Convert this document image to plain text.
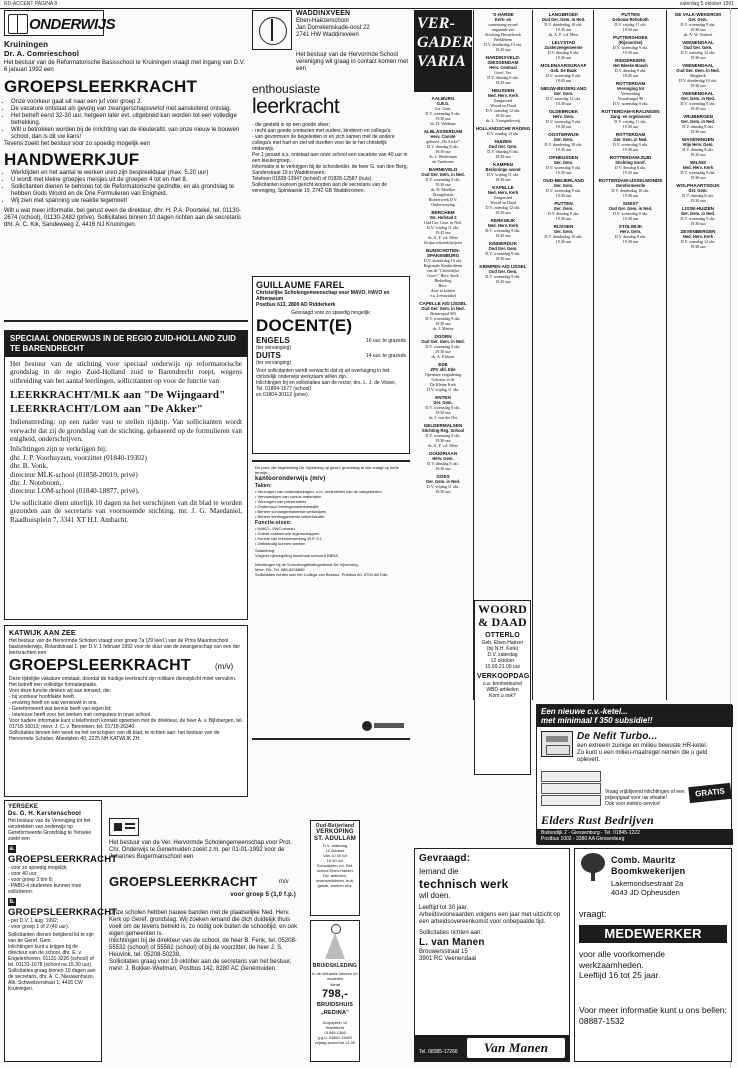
RD-ACCENT PAGINA 8	zaterdag 5 oktober 1991
ONDERWIJS
Kruiningen
Dr. A. Comrieschool
Het bestuur van de Reformatorische Basisschool te Kruiningen vraagt met ingang van D.V. 6 januari 1992 een
GROEPSLEERKRACHT
• Onze voorkeur gaat uit naar een juf voor groep 2.
• De vacature ontstaat als gevolg van zwangerschapsverlof met aansluitend ontslag.
• Het betreft eerst 32-30 uur, hetgeen later evt. uitgebreid kan worden tot een volledige betrekking.
• Wilt u betrokken worden bij de inrichting van de kleuterafd. van onze nieuw te bouwen school, dan is dit uw kans!
Tevens zoekt het bestuur voor zo spoedig mogelijk een
HANDWERKJUF
• Werktijden en het aantal te werken uren zijn bespreekbaar (max. 5,20 uur)
• U wordt met kleine groepjes meisjes uit de groepen 4 tot en met 8.
• Sollicitanten dienen te behoren tot de Reformatorische gezindte, en als grondslag te hebben Gods Woord en de Drie Formulieren van Enigheid.
• Wij zien met spanning uw reaktie tegemoet!
Wilt u wat meer informatie, bel gerust even de direkteur, dhr. H. P.A. Poorteké, tel. 01130-2674 (school), 01130-2482 (prive). Sollicitaties binnen 10 dagen richten aan de secretaris dhr. A. C. Kik, Sandeweeg 2, 4416 NJ Kruiningen.
WADDINXVEEN
Eben-Haëzerschool
Jan Dorrekenskade-oost 22
2741 HW Waddinxveen
Het bestuur van de Hervormde School vereniging wil graag in contact komen met een
enthousiaste
leerkracht
- die gesteld is op een goede sfeer;
- recht aan goede contacten met ouders, kinderen en collega's;
- van gevormsen de begeleiden in en zich samen met de andere collega's met hart en ziel wil inzetten voor de te het christelijk onderwijs.
Per 1 januari a.s. ontstaat aan onze school een vacature van 40 uur in een kleutergroep.
Informatie is te verkrijgen bij de schoolleider, de heer G. van den Berg, Sanderstraat 19 in Waddinxveen.
Telefoon 01828-13947 (school) of 01828-12587 (huis).
Sollicitanten kunnen gericht worden aan de secretaris van de vereniging, Spinwaede 19, 2742 GB Waddinxveen.
GUILLAUME FAREL
Christelijke Scholengemeenschap voor MAVO, HAVO en Athenaeum
Postbus 613, 2800 AD Ridderkerk
Gevraagd voor zo spoedig mogelijk:
DOCENT(E)
ENGELS	16 uur, te grazeds
(ter vervanging)
DUITS	14 uur, te grazeds
(ter vervanging)
Voor sollicitanten wordt verwacht dat zij uit overtuiging in het christelijk onderwijs werkzaam willen zijn.
Inlichtingen bij en sollicitaties aan de rector, drs. L. J. de Visser,
Tel. 01804-1577 (school)
en 01804-30112 (prive).
SPECIAAL ONDERWIJS IN DE REGIO ZUID-HOLLAND ZUID TE BARENDRECHT
Het bestuur van de stichting voor speciaal onderwijs op reformatorische grondslag in de regio Zuid-Holland zuid te Barendrecht roept, wegens uitbreiding van het aantal leerlingen, sollicitanten op voor de functie van
LEERKRACHT/MLK aan "De Wijngaard"
LEERKRACHT/LOM aan "De Akker"
Indiensttreding: op een nader vast te stellen tijdstip. Van sollicitanten wordt verwacht dat zij de grondslag van de stichting, gebaseerd op de formulieren van enigheid, onderschrijven.
Inlichtingen zijn te verkrijgen bij:
dhr. J. P. Voorhuyzen, voorzitter (01840-19302)
dhr. B. Vonk,
directeur MLK-school (01858-20019, privé)
dhr. J. Noteboom,
directeur LOM-school (01840-18877, privé).
Uw sollicitatie dient uiterlijk 10 dagen na het verschijnen van dit blad te worden gezonden aan de secretaris van voornoemde stichting, mr. J. G. Maedaniel, Raadhuisplein 7, 3341 XT H.I. Ambacht.
KATWIJK AAN ZEE
Het bestuur van de Hervormde Scholen vraagt voor groep 7a (29 leerl.) van de Prins Mauritsschool basisonderwijs, Rolandstraat 1, per D.V. 1 februari 1992 voor de duur van de zwangerschap van een der leerkrachten een
GROEPSLEERKRACHT	(m/v)
Deze tijdelijke vakature ontstaat, doordat de huidige leerkracht zijn militaire dienstplicht moet vervullen. Het betreft een volledige formatieplaats.
Voor deze functie denken wij aan iemand, die:
- bij voorkeur hoofdakte heeft.
- ervaring heeft en wat vernieuwt in ons.
- Gereformeerd wat kennis heeft van eigen lid;
- Interesse heeft voor het werken met computers in onze school.
Voor nadere informatie kunt u telefonisch kontakt opnemen met de direkteur, de heer A. v. Bijlsbergen, tel. 01718-16013; mevr. J. C. v. Benneken, tel. 01718-26340.
Sollicitaties binnen één week na het verschijnen van dit blad, te richten aan: het bestuur van de Hervormde Scholen, Abeelplein 40, 2225 NH KATWIJK ZH.
De post- die begeleiding De Vijverberg op gesel- grondslag te klin vraagt op korte termijn:
kantooronderwijs (m/v)
Taken:
• Verzorgen van onderwijsdragen, o.m. onderdelen van de vakgebieden
• Vervaardigen van cursus materialen
• Verzorgen van presentaties
• Onderhoud leerlingenadministratie
• Beheer schoolgerelateerde werkwijzen
• Beheer leerlinggereerde administratie
Functie-eisen:
• HAVO-, VWO-niveau
• Goede contactuele eigenschappen
• Kennis van tekstverwerking W.P. 5.1
• Zelfstandig kunnen werken
Salariëring:
Volgens rijksregeling maximaal schaal 6 BBRA
Inlichtingen bij de Schoolbegeleidingsdienst De Vijverberg,
Mevr. Pik, Tel. 085-8226880
Sollicitaties richten aan het Collega van Bestuur, Postbus 80, 6700 AB Ede.
VER-GADER VARIA
AALBURG
G.B.G.
Ger. Gem.
D.V. woensdag 9 okt.
19.30 uur
ds. H. Veldman
ALBLASSERDAM
Herv. Comité
gebouw „De Arcke”
D.V. dinsdag 8 okt.
19.30 uur
ds. J. Westerman
de Vanhoven
BARNEVELD
Oud Ger. Gem. in Ned.
D.V. woensdag 9 okt.
19.30 uur
ds. D. Moelker
Doorgiftstuk
Richterwerk D.V.
Onderwerping
BERCHEM
Ver. Hofstad 2
Oud Ger. Gem. in Ned.
D.V. vrijdag 11 okt.
19.45 uur
ds. A. F. v.d. Meer
Krijna schreedchrijven
BUNSCHOTEN-SPAKENBURG
D.V. donderdag 10 okt.
Regionale Kinderdienst
van de "Christelijke
Geref." Herv. Kerk
Bedoeling
Herv.
door te komen
e.a. Leeuwinkel
CAPELLE A/D IJSSEL
Oud Ger. Gem. in Ned.
Betuwepad 903
D.V. woensdag 9 okt.
19.30 uur
ds. J. Mieras
DOORN
Oud Ger. Gem. in Ned.
D.V. woensdag 9 okt.
19.30 uur
ds. A. Elshout
EDE
ZPV afd. Ede
Openbare vergadering
Gebouw in de
De Kleine Kerk
D.V. vrijdag 11 okt.
ENTEN
Ger. Gem.
D.V. woensdag 9 okt.
19.30 uur
ds. J. van der Net
GELDERMALSEN
Stichting Reg. School
D.V. woensdag 9 okt.
19.30 uur
ds. A. F. v.d. Meer
GOUDRIAAN
Herv. Gem.
D.V. dinsdag 8 okt.
19.30 uur
GOES
Ger. Gem. in Ned.
D.V. vrijdag 11 okt.
19.30 uur
'S HARDE
Kerk- en
samenzang avond
uitgaande van
Stichting Herstelwerk
Bethlehem
D.V. donderdag 10 okt.
19.45 uur
HARDINXVELD-GIESSENDAM
Herv. Centraal
Geref. Ver.
D.V. dinsdag 8 okt.
19.45 uur
HEUSDEN
Ned. Herv. Kerk
Zangavond
Woord en Daad
D.V. zaterdag 12 okt.
19.30 uur
ds. L. Vroegindeweij
HOLLANDSCHE RADING
D.V. zondag 13 okt.
HUIZEN
Oud Ger. Gem.
D.V. dinsdag 8 okt.
19.30 uur
KAMPEN
Bezinnings avond
D.V. vrijdag 11 okt.
19.30 uur
KAPELLE
Ned. Herv. Kerk
Zangavond
Woord en Daad
D.V. zaterdag 12 okt.
19.30 uur
KERKWIJK
Ned. Herv. Kerk
D.V. woensdag 9 okt.
19.30 uur
KINDERDIJK
Oud Ger. Gem.
D.V. woensdag 9 okt.
19.30 uur
KRIMPEN A/D IJSSEL
Oud Ger. Gem.
D.V. woensdag 9 okt.
19.45 uur
LANGBROEK
Oud Ger. Gem. in Ned.
D.V. donderdag 10 okt.
19.30 uur
ds. A. F. v.d. Meer
LELYSTAD
Zuiderzeegemeente
D.V. dinsdag 8 okt.
19.30 uur
MOLENAARSGRAAF
Geb. De Baak
D.V. woensdag 9 okt.
19.45 uur
NIEUW-BEIJERLAND
Ger. Gem.
D.V. zaterdag 12 okt.
19.30 uur
OLDEBROEK
Herv. Gem.
D.V. woensdag 9 okt.
19.30 uur
OOSTERWIJK
Ger. Gem.
D.V. donderdag 10 okt.
19.30 uur
OPHEUSDEN
Ger. Gem.
D.V. woensdag 9 okt.
19.30 uur
OUD-BEIJERLAND
Ger. Gem.
D.V. woensdag 9 okt.
19.30 uur
PUTTEN
Ger. Gem.
D.V. dinsdag 8 okt.
19.30 uur
RIJSSEN
Ger. Gem.
D.V. donderdag 10 okt.
19.30 uur
PUTTEN
Gebouw Rehoboth
D.V. vrijdag 11 okt.
19.30 uur
PUTTERSHOEK
(Rijsoordse)
D.V. woensdag 9 okt.
19.30 uur
RIDDERKERK
Het Bleeke Bosch
D.V. dinsdag 8 okt.
19.45 uur
ROTTERDAM
Vereniging tot
Verbreiding
Noordsingel 98
D.V. woensdag 9 okt.
ROTTERDAM-KRALINGEN
Zang- en orgelavond
D.V. vrijdag 11 okt.
19.30 uur
ROTTERDAM
Ger. Gem. in Ned.
D.V. woensdag 9 okt.
19.30 uur
ROTTERDAM-ZUID
Stichting Geref.
D.V. dinsdag 8 okt.
19.30 uur
ROTTERDAM-IJSSELMONDE
Gereformeerde
D.V. donderdag 10 okt.
19.30 uur
SOEST
Oud Ger. Gem. in Ned.
D.V. woensdag 9 okt.
19.30 uur
STOLWIJK
Herv. Gem.
D.V. dinsdag 8 okt.
19.30 uur
DE VALK-WEKEROM
Ger. Gem.
D.V. woensdag 9 okt.
19.30 uur
ds. A. W. Verhoef
VEENENDAAL
Oud Ger. Gem.
D.V. zaterdag 12 okt.
19.30 uur
VEENENDAAL
Oud Ger. Gem. in Ned.
Brugkerk
D.V. donderdag 10 okt.
19.30 uur
VEENENDAAL
Ger. Gem. in Ned.
D.V. woensdag 9 okt.
19.30 uur
VRIJBERGEN
Ger. Gem. in Ned.
D.V. dinsdag 8 okt.
19.30 uur
WAGENINGEN
Vrije Herv. Gem.
D.V. dinsdag 8 okt.
19.30 uur
WILNIS
Ned. Herv. Kerk
D.V. woensdag 9 okt.
19.30 uur
WOLPHAARTSDIJK
Ger. Gem.
D.V. dinsdag 8 okt.
19.30 uur
LISSE-HUIZEN
Ger. Gem. in Ned.
D.V. woensdag 9 okt.
19.30 uur
ZEVENBERGEN
Ned. Herv. Kerk
D.V. zaterdag 12 okt.
19.30 uur
WOORD
& DAAD
OTTERLO
Geb. Eben-Haëzer
(bij N.H. Kerk)
D.V. zaterdag
12 oktober
10.00-21.00 uur
VERKOOPDAG
o.a. tennissteunel
WBD-artikelen
Kom u ook?
Een nieuwe c.v.-ketel...
met minimaal f 350 subsidie!!
De Nefit Turbo...
een extreem zuinige en milieu bewuste HR-ketel.
Zo kunt u een milieu-maatregel nemen die u geld oplevert.
Vraag vrijblijvend inlichtingen of een prijsopgaaf voor uw situatie!
Ook voor elektro-service!
GRATIS
Elders Rust Bedrijven
Buitendijk 2 - Giessenburg - Tel. 01845-1222
Postbus 1002 - 3380 AA Giessenburg
YERSEKE
Ds. G. H. Kerstenschool
Het bestuur van de Vereniging tot het verstrekken van onderwijs op Gereformeerde Grondslag te Yerseke zoekt een
a.
GROEPSLEERKRACHT
- voor zo spoedig mogelijk;
- voor 40 uur;
- voor groep 3 t/m 8;
- PABO-4 studenten kunnen mee solliciteren.
b.
GROEPSLEERKRACHT
- per D.V. 1 aug. 1992;
- voor groep 1 of 2 (40 uur).
Sollicitanten dienen belijdend lid te zijn van de Geref. Gem.
Inlichtingen kunt u krijgen bij de directeur van de school, dhr. E. v. Engelenhoven, 01131-3226 (school) of tel. 01131-1678 (school na 15.30 uur).
Sollicitaties graag binnen 10 dagen aan de secretaris, dhr. A. C. Nieuwenhuize, Alb. Schweitzerstraat 1, 4416 CW Kruiningen.
Het bestuur van de Ver. Hervormde Scholengemeenschap voor Prot. Chr. Onderwijs te Genemuiden zoekt z.m. per 01-01-1992 voor de Johannes Bogermanschool een
GROEPSLEERKRACHT	m/v
voor groep 5 (1,0 f.p.)
Onze scholen hebben nauwe banden met de plaatselijke Ned. Herv. Kerk op Geref. grondslag. Wij zoeken iemand die dich duidelijk thuis voelt om de tevens betrekt is, zo nodig ook buiten de schooltijd, en ook eigen gemeenten is.
Inlichtingen bij de direkteur van de school, de heer B. Fenk, tel. 05208-55532 (school) of 55582 (school) of bij de voorzitter, de heer J. S. Heuvink, tel. 05208-50238.
Sollicitaties graag voor 19 oktober aan de secretaris van het bestuur, mevr. J. Bokker-Wietman, Postbus 142, 8280 AC Genemuiden.
Oud-Beijerland
VERKOPING
ST. ADULLAM
D.V. zaterdag
12 oktober
Van 10.00 tot
16.00 uur
Schoolplein v.d. Ref.
school Eben-Haëzer
Div. artikelen, levensmiddelen, fruit, gebak, boeken enz.
BRUIDSKLEDING
in de nieuwste kleuren en modellen
Vanaf
798,-
BRUIDSHUIS
„REDINA”
Dorpsplein 12
Streefkerk
01849-1366
g.g.d. 01850-15402
vrijdag avond tot 21.00
Gevraagd:
Iemand die
technisch werk
wil doen.
Leeftijd tot 30 jaar.
Arbeidsvoorwaarden volgens een jaar met uitzicht op een arbeidsovereenkomst voor onbepaalde tijd.
Sollicitaties richten aan:
L. van Manen
Brouwersstraat 15
3901 RC Veenendaal
Tel. 08385-17266	Van Manen
Comb. Mauritz
Boomkwekerijen
Lakemondsestraat 2a
4043 JD Opheusden
vraagt:
MEDEWERKER
voor alle voorkomende werkzaamheden.
Leeftijd 16 tot 25 jaar.
Voor meer informatie kunt u ons bellen: 08887-1532
